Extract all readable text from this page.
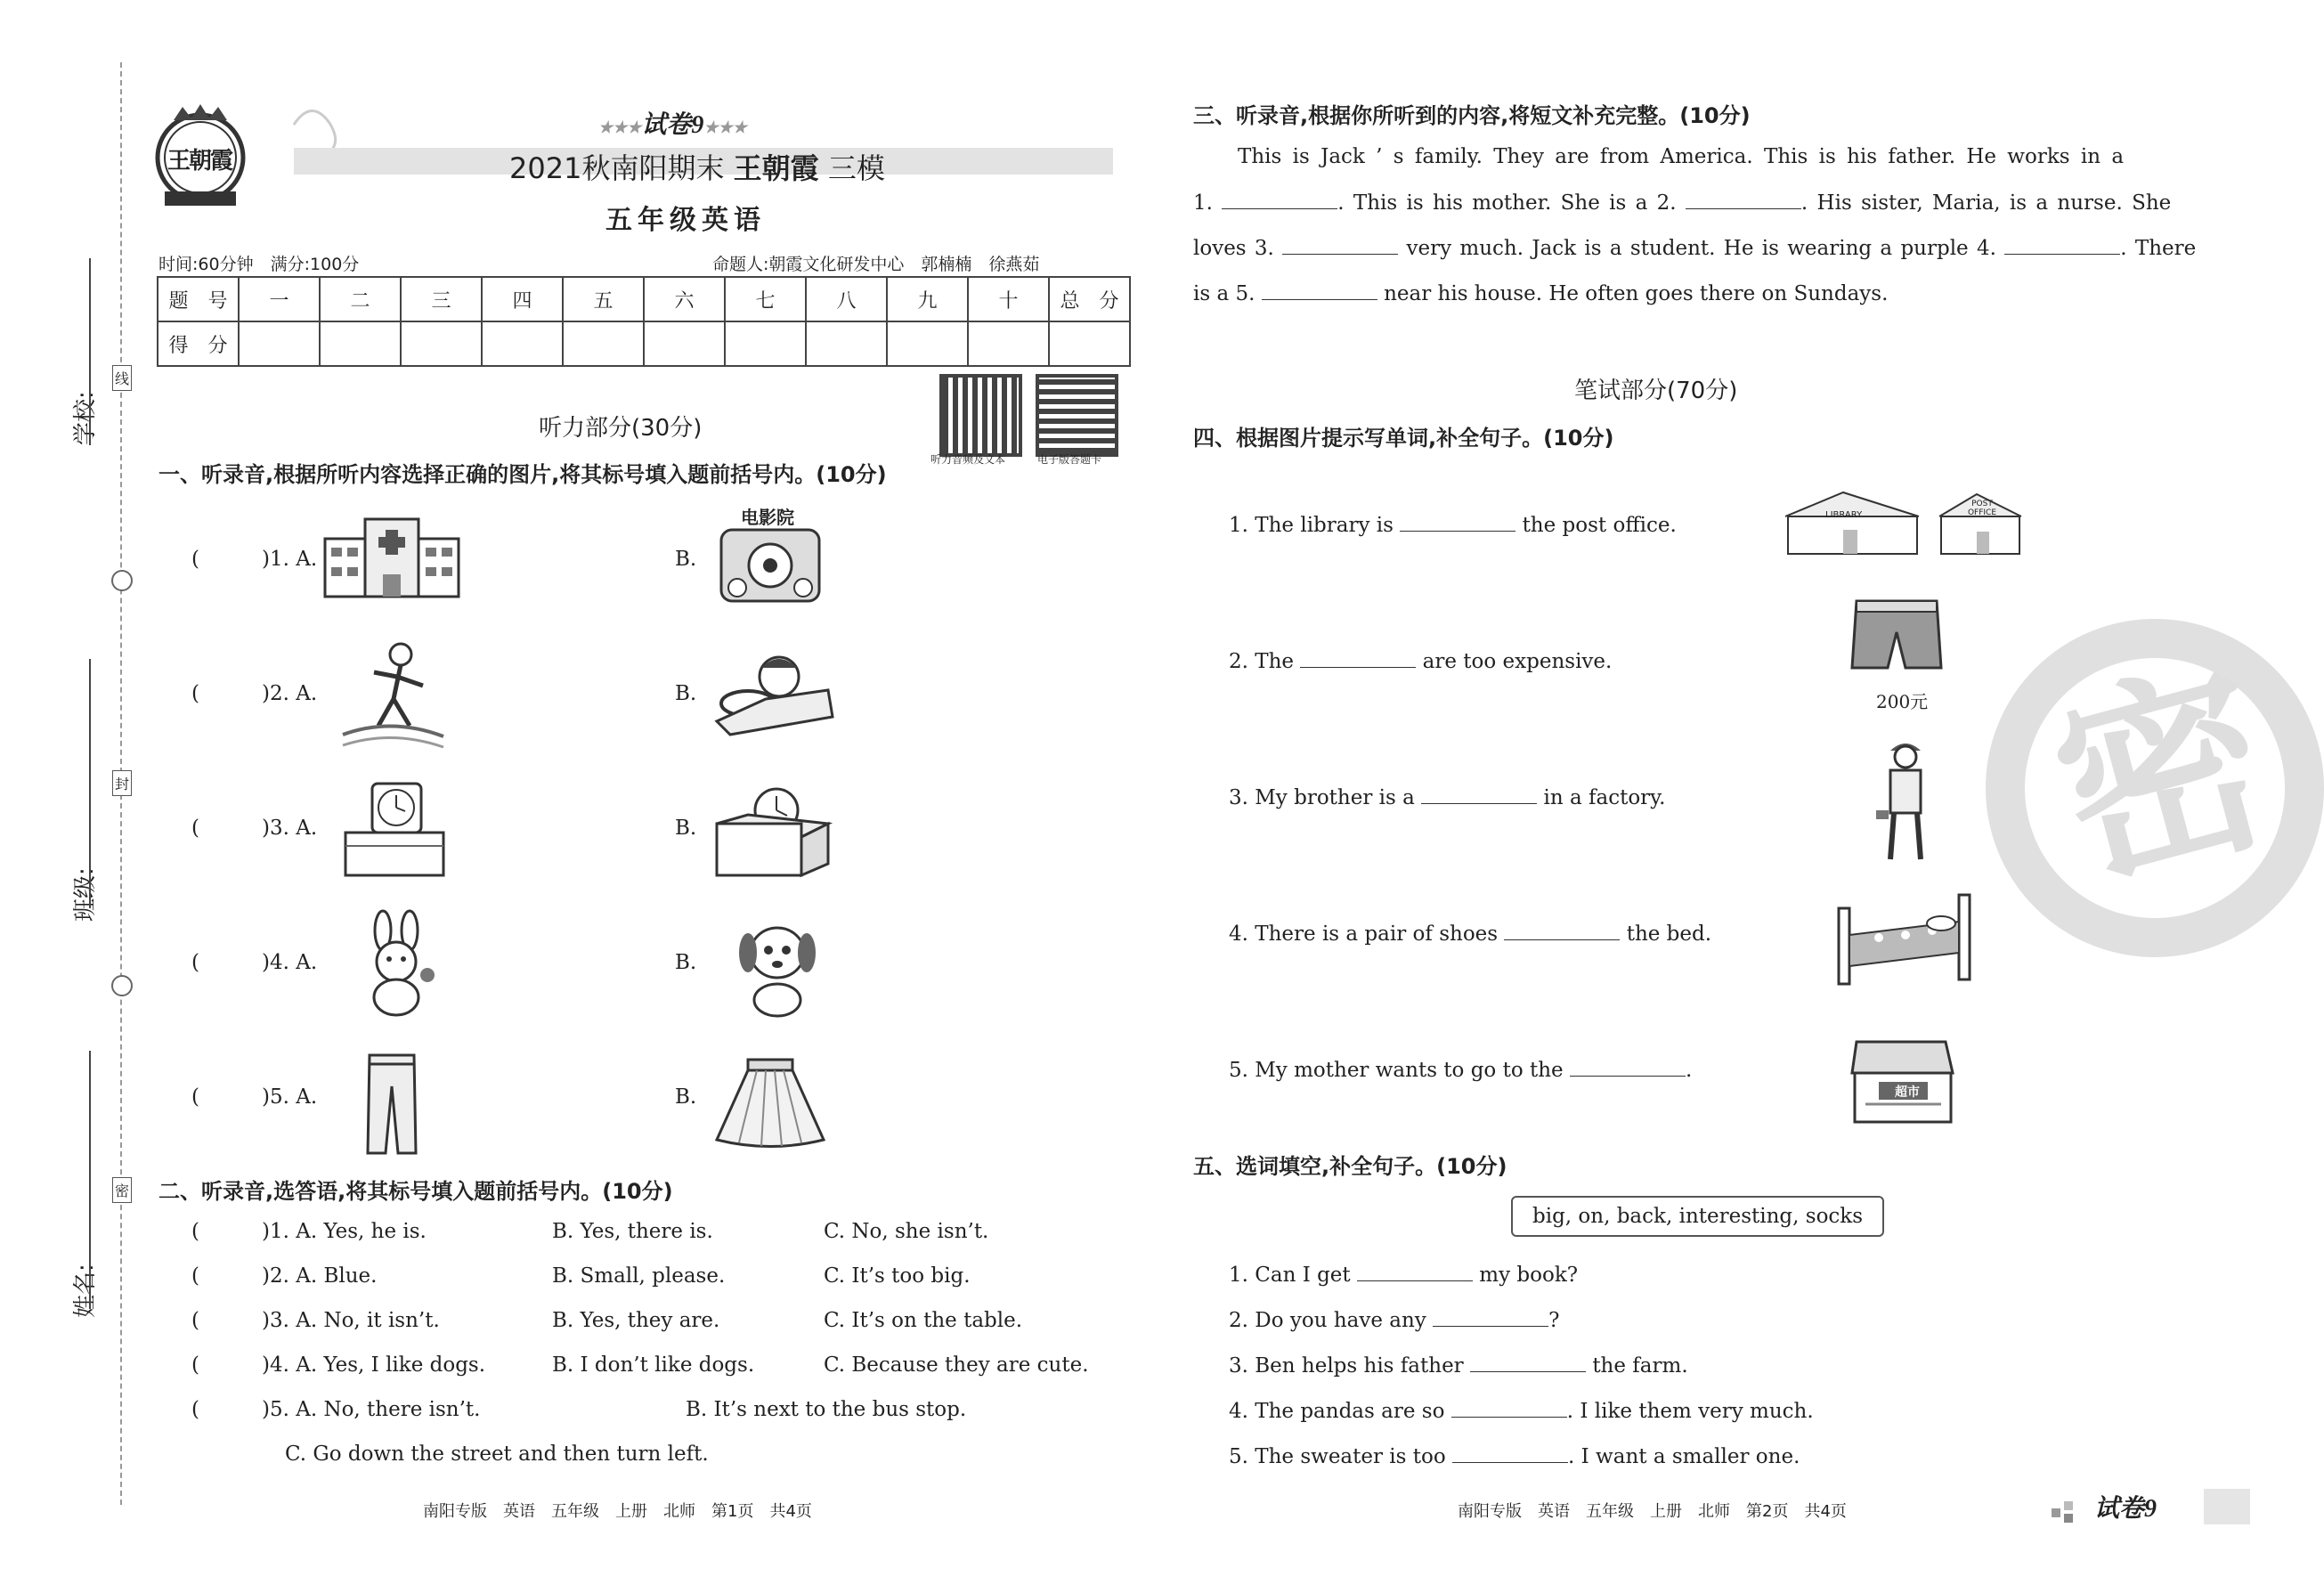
学校:
班级:
姓名:
线
封
密
王朝霞
★★★试卷9★★★
2021秋南阳期末 王朝霞 三模
五年级英语
时间:60分钟　 满分:100分	命题人:朝霞文化研发中心　郭楠楠　徐燕茹
题　号	一	二	三	四	五	六	七	八	九	十	总　分
得　分											
听力音频及文本	电子版答题卡
听力部分(30分)
一、听录音,根据所听内容选择正确的图片,将其标号填入题前括号内。(10分)
(	)1. A.	B.
电影院
(	)2. A.	B.
(	)3. A.	B.
(	)4. A.	B.
(	)5. A.	B.
二、听录音,选答语,将其标号填入题前括号内。(10分)
(	)1. A. Yes, he is.	B. Yes, there is.	C. No, she isn’t.
(	)2. A. Blue.	B. Small, please.	C. It’s too big.
(	)3. A. No, it isn’t.	B. Yes, they are.	C. It’s on the table.
(	)4. A. Yes, I like dogs.	B. I don’t like dogs.	C. Because they are cute.
(	)5. A. No, there isn’t.	B. It’s next to the bus stop.
C. Go down the street and then turn left.
南阳专版　英语　五年级　上册　北师　第1页　共4页
三、听录音,根据你所听到的内容,将短文补充完整。(10分)
This is Jack ’ s family. They are from America. This is his father. He works in a
1.	. This is his mother. She is a 2.	. His sister, Maria, is a nurse. She
loves 3.	very much. Jack is a student. He is wearing a purple 4.	. There
is a 5.	near his house. He often goes there on Sundays.
笔试部分(70分)
四、根据图片提示写单词,补全句子。(10分)
1. The library is	the post office.	LIBRARY
POST OFFICE
2. The	are too expensive.
200元
3. My brother is a	in a factory.
4. There is a pair of shoes	the bed.
5. My mother wants to go to the	.
超市
五、选词填空,补全句子。(10分)
big, on, back, interesting, socks
1. Can I get	my book?
2. Do you have any	?
3. Ben helps his father	the farm.
4. The pandas are so	. I like them very much.
5. The sweater is too	. I want a smaller one.
密
南阳专版　英语　五年级　上册　北师　第2页　共4页	试卷9
